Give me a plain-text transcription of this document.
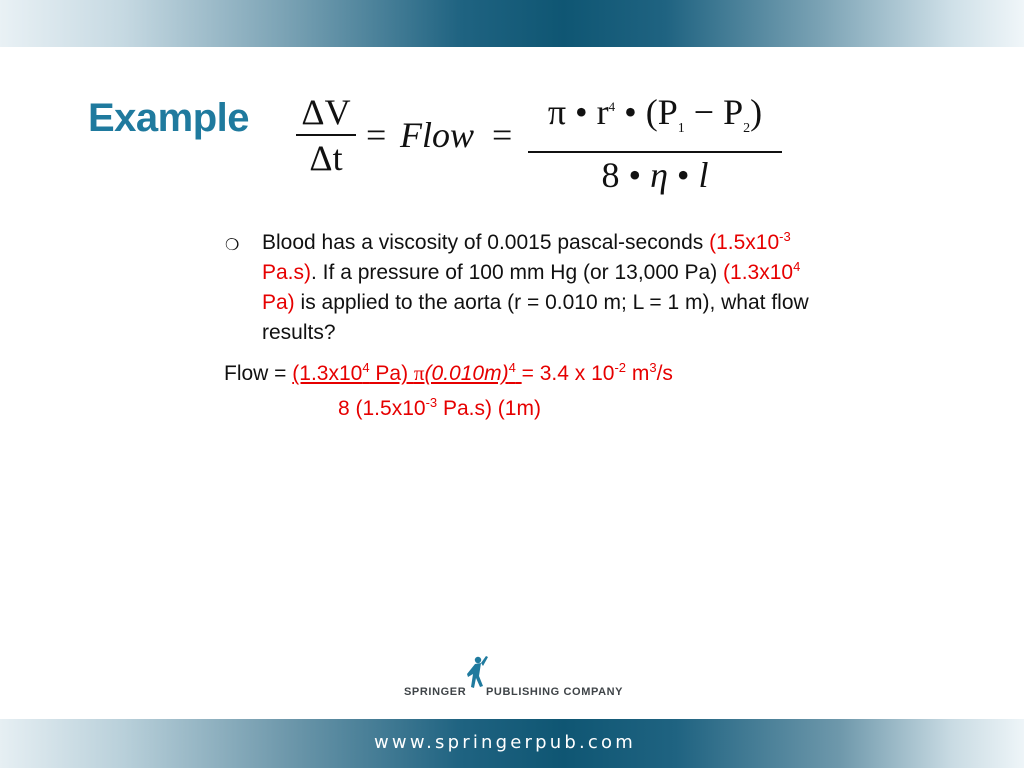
Example ΔV
Δt
= Flow =
π • $r^4$ • $(P_1 - P_2)$
8 • η • l
❍ Blood has a viscosity of 0.0015 pascal-seconds ($1.5x10^{-3}$
Pa.s). If a pressure of 100 mm Hg (or 13,000 Pa) ($1.3x10^4$
Pa) is applied to the aorta (r = 0.010 m; L = 1 m), what flow
results?
Flow = ($1.3x10^4$ Pa) $\pi(0.010m)^4 = 3.4$ x $10^{-2}$ $m^3/s$
8 ($1.5x10^{-3}$ Pa.s) (1m)
SPRINGER PUBLISHING COMPANY
www.springerpub.com
